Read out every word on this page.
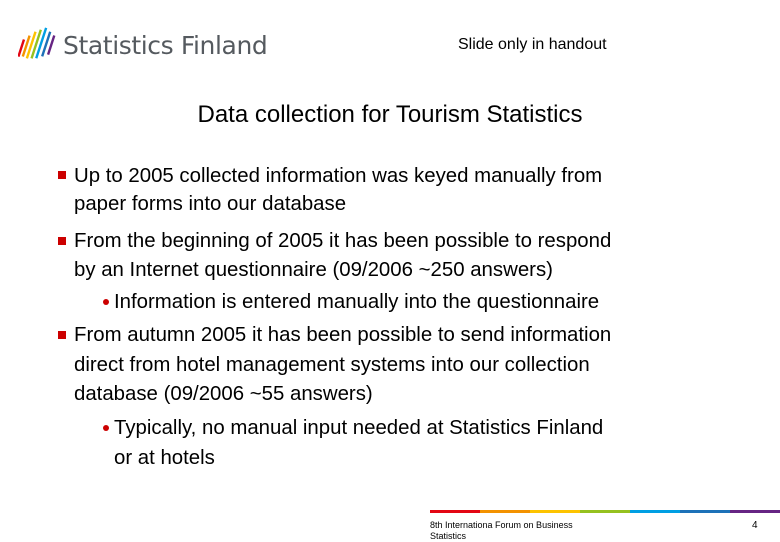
Statistics Finland	Slide only in handout
Data collection for Tourism Statistics
Up to 2005 collected information was keyed manually from
paper forms into our database
From the beginning of 2005 it has been possible to respond
by an Internet questionnaire (09/2006 ~250 answers)
Information is entered manually into the questionnaire
From autumn 2005 it has been possible to send information
direct from hotel management systems into our collection
database (09/2006 ~55 answers)
Typically, no manual input needed at Statistics Finland
or at hotels
8th Internationa Forum on Business Statistics
4
